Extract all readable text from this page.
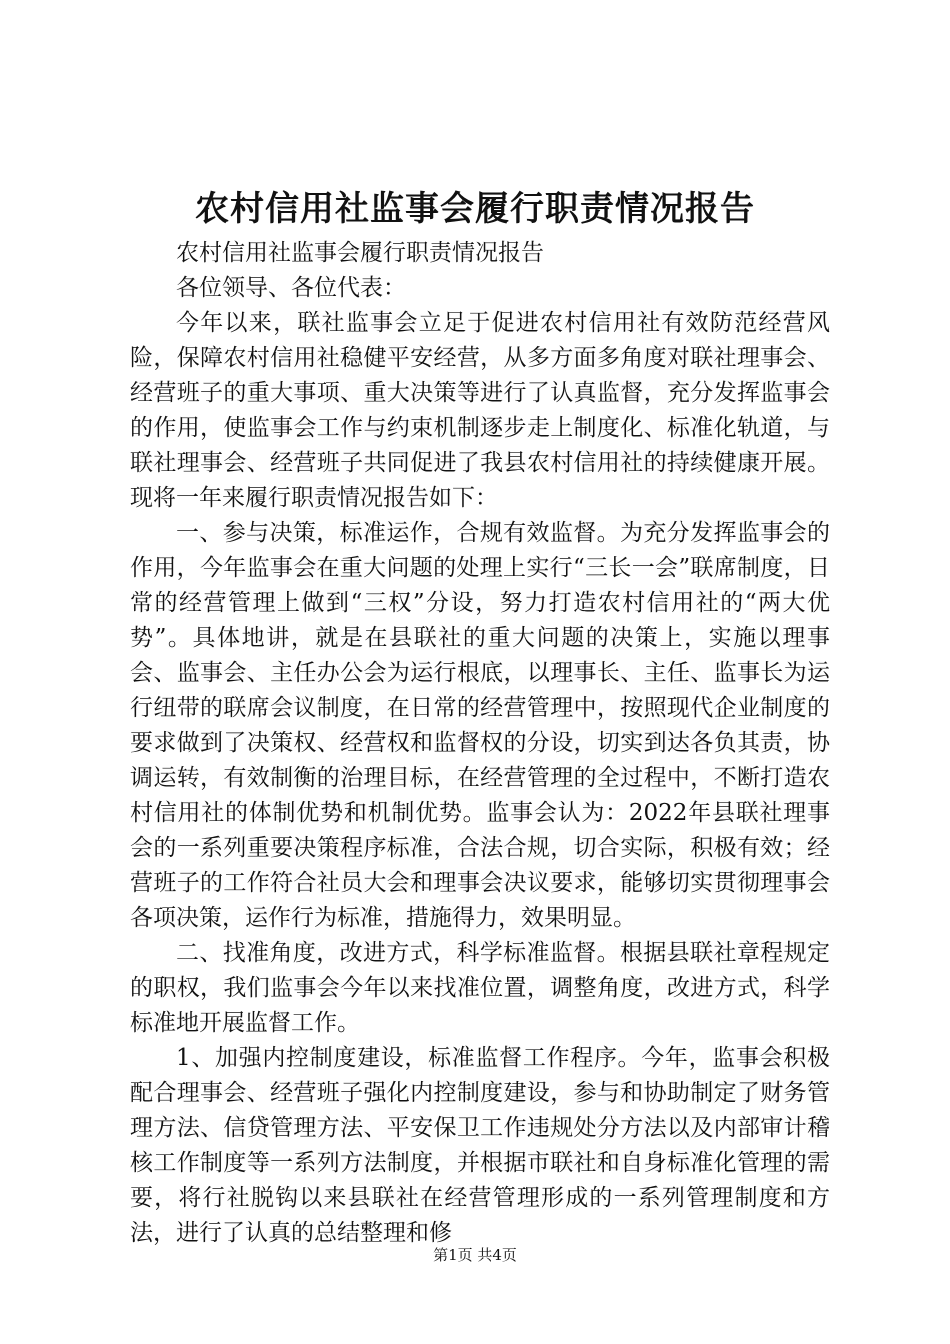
农村信用社监事会履行职责情况报告

农村信用社监事会履行职责情况报告

各位领导、各位代表：

今年以来，联社监事会立足于促进农村信用社有效防范经营风险，保障农村信用社稳健平安经营，从多方面多角度对联社理事会、经营班子的重大事项、重大决策等进行了认真监督，充分发挥监事会的作用，使监事会工作与约束机制逐步走上制度化、标准化轨道，与联社理事会、经营班子共同促进了我县农村信用社的持续健康开展。现将一年来履行职责情况报告如下：

一、参与决策，标准运作，合规有效监督。为充分发挥监事会的作用，今年监事会在重大问题的处理上实行“三长一会”联席制度，日常的经营管理上做到“三权”分设，努力打造农村信用社的“两大优势”。具体地讲，就是在县联社的重大问题的决策上，实施以理事会、监事会、主任办公会为运行根底，以理事长、主任、监事长为运行纽带的联席会议制度，在日常的经营管理中，按照现代企业制度的要求做到了决策权、经营权和监督权的分设，切实到达各负其责，协调运转，有效制衡的治理目标，在经营管理的全过程中，不断打造农村信用社的体制优势和机制优势。监事会认为：2022年县联社理事会的一系列重要决策程序标准，合法合规，切合实际，积极有效；经营班子的工作符合社员大会和理事会决议要求，能够切实贯彻理事会各项决策，运作行为标准，措施得力，效果明显。

二、找准角度，改进方式，科学标准监督。根据县联社章程规定的职权，我们监事会今年以来找准位置，调整角度，改进方式，科学标准地开展监督工作。

1、加强内控制度建设，标准监督工作程序。今年，监事会积极配合理事会、经营班子强化内控制度建设，参与和协助制定了财务管理方法、信贷管理方法、平安保卫工作违规处分方法以及内部审计稽核工作制度等一系列方法制度，并根据市联社和自身标准化管理的需要，将行社脱钩以来县联社在经营管理形成的一系列管理制度和方法，进行了认真的总结整理和修

第1页 共4页
